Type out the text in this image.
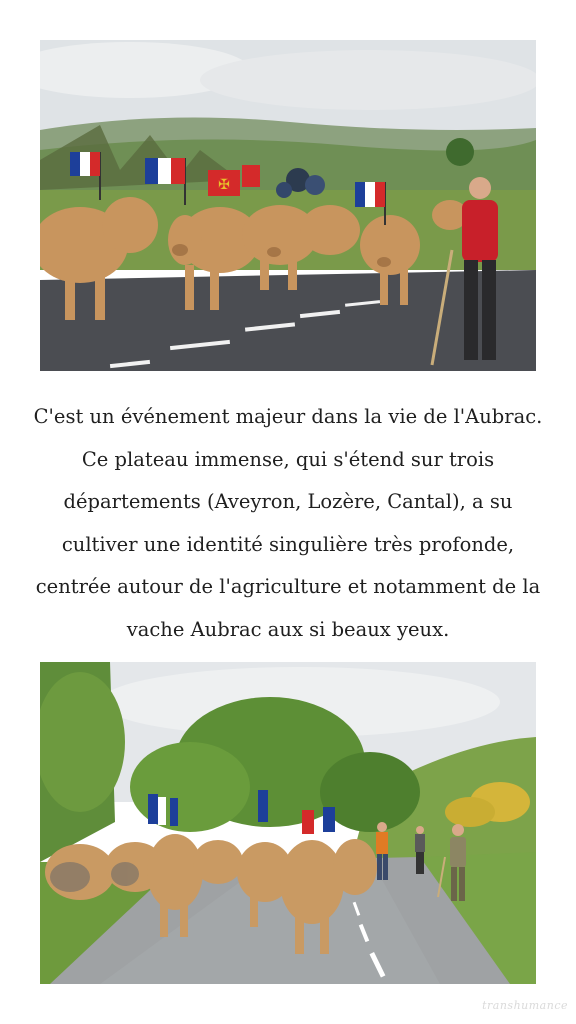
✠

C'est un événement majeur dans la vie de l'Aubrac.
Ce plateau immense, qui s'étend sur trois
départements (Aveyron, Lozère, Cantal), a su
cultiver une identité singulière très profonde,
centrée autour de l'agriculture et notamment de la
vache Aubrac aux si beaux yeux.

transhumance
